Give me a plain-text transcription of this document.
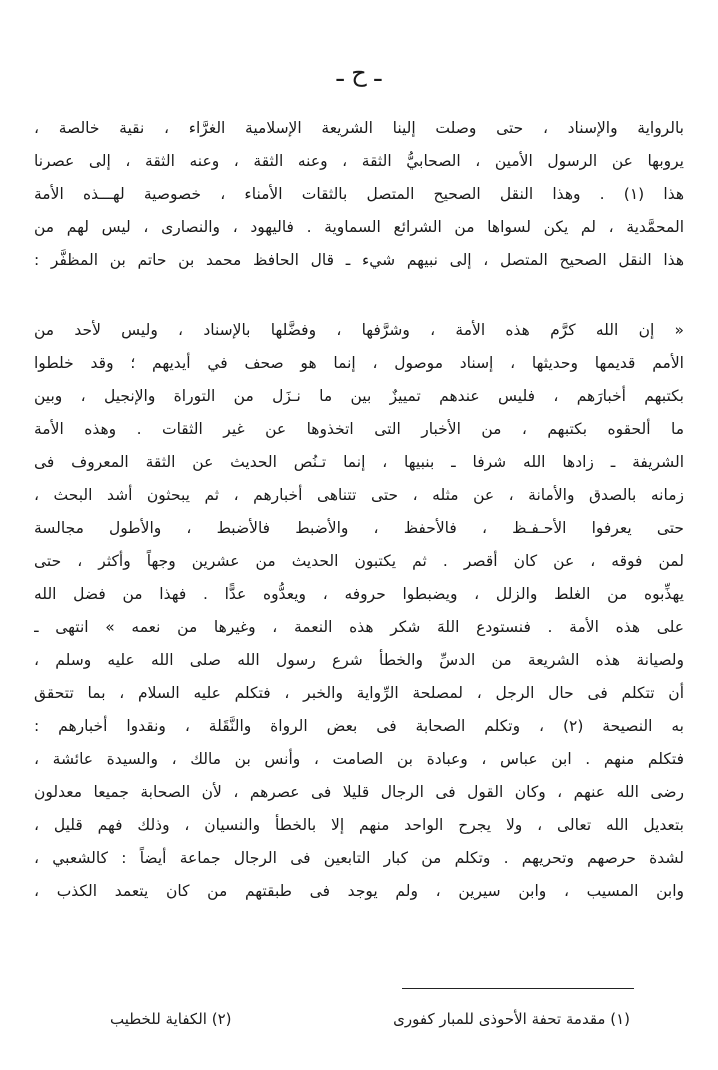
ـ ح ـ
بالرواية والإسناد ، حتى وصلت إلينا الشريعة الإسلامية الغرَّاء ، نقية خالصة ،
يروبها عن الرسول الأمين ، الصحابيُّ الثقة ، وعنه الثقة ، وعنه الثقة ، إلى عصرنا
هذا (١) . وهذا النقل الصحيح المتصل بالثقات الأمناء ، خصوصية لهـــذه الأمة
المحمَّدية ، لم يكن لسواها من الشرائع السماوية . فاليهود ، والنصارى ، ليس لهم من
هذا النقل الصحيح المتصل ، إلى نبيهم شيء ـ قال الحافظ محمد بن حاتم بن المظفَّر :
« إن الله كرَّم هذه الأمة ، وشرَّفها ، وفضَّلها بالإسناد ، وليس لأحد من
الأمم قديمها وحديثها ، إسناد موصول ، إنما هو صحف في أيديهم ؛ وقد خلطوا
بكتبهم أخبارَهم ، فليس عندهم تمييزٌ بين ما نـزَل من التوراة والإنجيل ، وبين
ما ألحقوه بكتبهم ، من الأخبار التى اتخذوها عن غير الثقات . وهذه الأمة
الشريفة ـ زادها الله شرفا ـ بنبيها ، إنما تـنُص الحديث عن الثقة المعروف فى
زمانه بالصدق والأمانة ، عن مثله ، حتى تتناهى أخبارهم ، ثم يبحثون أشد البحث ،
حتى يعرفوا الأحـفـظ ، فالأحفظ ، والأضبط فالأضبط ، والأطول مجالسة
لمن فوقه ، عن كان أقصر . ثم يكتبون الحديث من عشرين وجهاً وأكثر ، حتى
يهذِّبوه من الغلط والزلل ، ويضبطوا حروفه ، ويعدُّوه عدًّا . فهذا من فضل الله
على هذه الأمة . فنستودع اللهَ شكر هذه النعمة ، وغيرها من نعمه » انتهى ـ
ولصيانة هذه الشريعة من الدسِّ والخطأ شرع رسول الله صلى الله عليه وسلم ،
أن تتكلم فى حال الرجل ، لمصلحة الرِّواية والخبر ، فتكلم عليه السلام ، بما تتحقق
به النصيحة (٢) ، وتكلم الصحابة فى بعض الرواة والنَّقَلة ، ونقدوا أخبارهم :
فتكلم منهم . ابن عباس ، وعبادة بن الصامت ، وأنس بن مالك ، والسيدة عائشة ،
رضى الله عنهم ، وكان القول فى الرجال قليلا فى عصرهم ، لأن الصحابة جميعا معدلون
بتعديل الله تعالى ، ولا يجرح الواحد منهم إلا بالخطأ والنسيان ، وذلك فهم قليل ،
لشدة حرصهم وتحريهم . وتكلم من كبار التابعين فى الرجال جماعة أيضاً : كالشعبي ،
وابن المسيب ، وابن سيرين ، ولم يوجد فى طبقتهم من كان يتعمد الكذب ،
(١) مقدمة تحفة الأحوذى للمبار كفورى
(٢) الكفاية للخطيب
